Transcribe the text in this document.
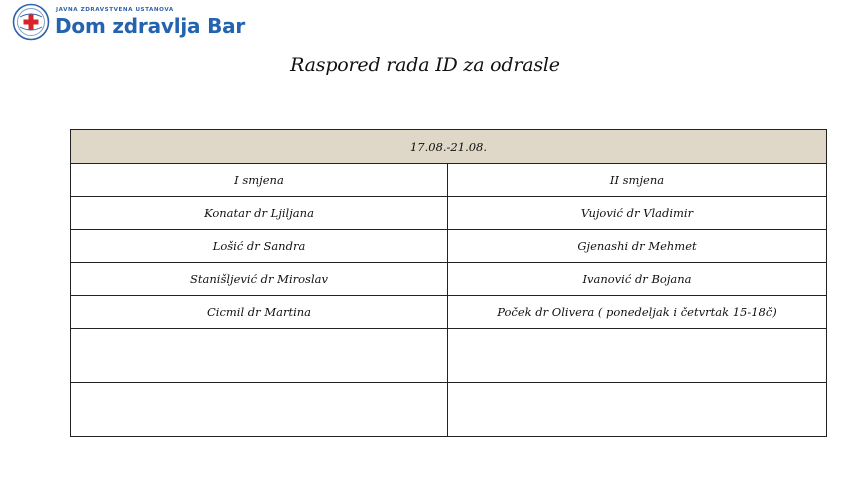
JAVNA ZDRAVSTVENA USTANOVA
Dom zdravlja Bar
Raspored rada ID za odrasle
17.08.-21.08.	
I smjena	II smjena
Konatar dr Ljiljana	Vujović dr Vladimir
Lošić dr Sandra	Gjenashi dr Mehmet
Stanišljević dr Miroslav	Ivanović dr Bojana
Cicmil dr Martina	Poček dr Olivera ( ponedeljak i četvrtak 15-18č)
